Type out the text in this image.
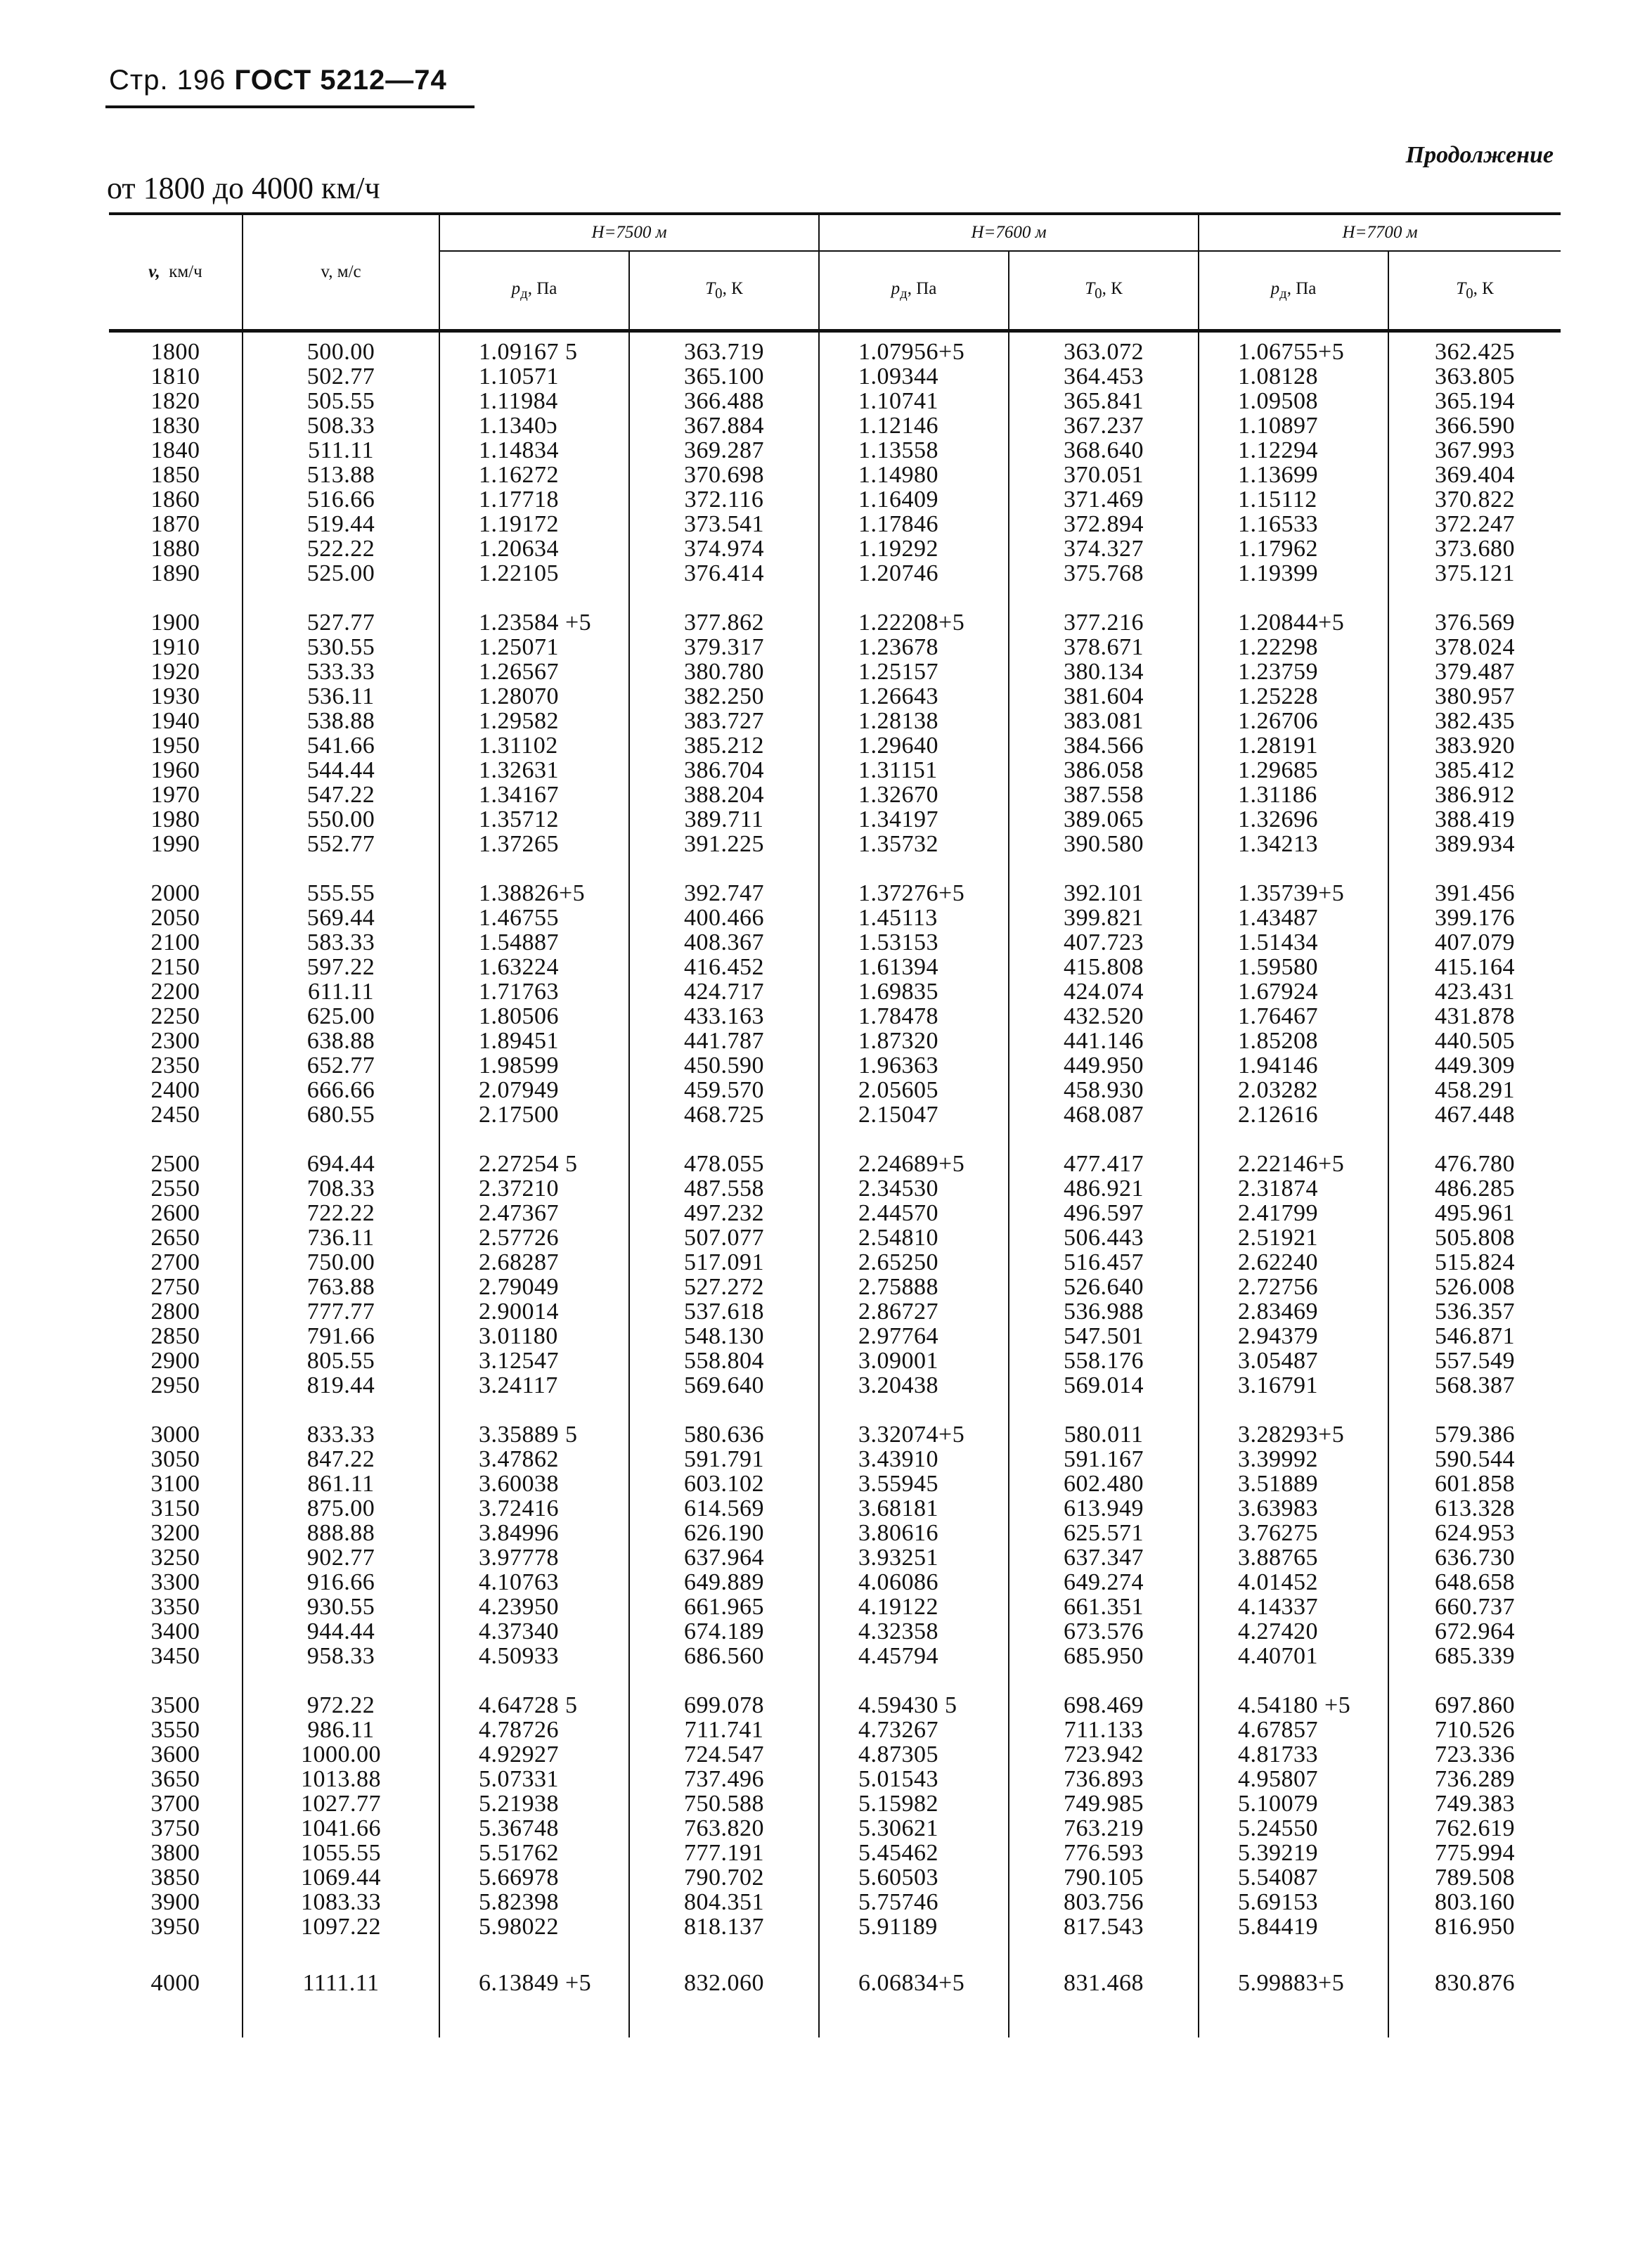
Стр. 196 ГОСТ 5212—74
Продолжение
от 1800 до 4000 км/ч
v, км/ч	v, м/с	H=7500 м		H=7600 м		H=7700 м	
		$p_д$, Па	$T_0$, К	$p_д$, Па	$T_0$, К	$p_д$, Па	$T_0$, К

1800	500.00	1.09167 5	363.719	1.07956+5	363.072	1.06755+5	362.425
1810	502.77	1.10571	365.100	1.09344	364.453	1.08128	363.805
1820	505.55	1.11984	366.488	1.10741	365.841	1.09508	365.194
1830	508.33	1.1340ɔ	367.884	1.12146	367.237	1.10897	366.590
1840	511.11	1.14834	369.287	1.13558	368.640	1.12294	367.993
1850	513.88	1.16272	370.698	1.14980	370.051	1.13699	369.404
1860	516.66	1.17718	372.116	1.16409	371.469	1.15112	370.822
1870	519.44	1.19172	373.541	1.17846	372.894	1.16533	372.247
1880	522.22	1.20634	374.974	1.19292	374.327	1.17962	373.680
1890	525.00	1.22105	376.414	1.20746	375.768	1.19399	375.121

1900	527.77	1.23584 +5	377.862	1.22208+5	377.216	1.20844+5	376.569
1910	530.55	1.25071	379.317	1.23678	378.671	1.22298	378.024
1920	533.33	1.26567	380.780	1.25157	380.134	1.23759	379.487
1930	536.11	1.28070	382.250	1.26643	381.604	1.25228	380.957
1940	538.88	1.29582	383.727	1.28138	383.081	1.26706	382.435
1950	541.66	1.31102	385.212	1.29640	384.566	1.28191	383.920
1960	544.44	1.32631	386.704	1.31151	386.058	1.29685	385.412
1970	547.22	1.34167	388.204	1.32670	387.558	1.31186	386.912
1980	550.00	1.35712	389.711	1.34197	389.065	1.32696	388.419
1990	552.77	1.37265	391.225	1.35732	390.580	1.34213	389.934

2000	555.55	1.38826+5	392.747	1.37276+5	392.101	1.35739+5	391.456
2050	569.44	1.46755	400.466	1.45113	399.821	1.43487	399.176
2100	583.33	1.54887	408.367	1.53153	407.723	1.51434	407.079
2150	597.22	1.63224	416.452	1.61394	415.808	1.59580	415.164
2200	611.11	1.71763	424.717	1.69835	424.074	1.67924	423.431
2250	625.00	1.80506	433.163	1.78478	432.520	1.76467	431.878
2300	638.88	1.89451	441.787	1.87320	441.146	1.85208	440.505
2350	652.77	1.98599	450.590	1.96363	449.950	1.94146	449.309
2400	666.66	2.07949	459.570	2.05605	458.930	2.03282	458.291
2450	680.55	2.17500	468.725	2.15047	468.087	2.12616	467.448

2500	694.44	2.27254 5	478.055	2.24689+5	477.417	2.22146+5	476.780
2550	708.33	2.37210	487.558	2.34530	486.921	2.31874	486.285
2600	722.22	2.47367	497.232	2.44570	496.597	2.41799	495.961
2650	736.11	2.57726	507.077	2.54810	506.443	2.51921	505.808
2700	750.00	2.68287	517.091	2.65250	516.457	2.62240	515.824
2750	763.88	2.79049	527.272	2.75888	526.640	2.72756	526.008
2800	777.77	2.90014	537.618	2.86727	536.988	2.83469	536.357
2850	791.66	3.01180	548.130	2.97764	547.501	2.94379	546.871
2900	805.55	3.12547	558.804	3.09001	558.176	3.05487	557.549
2950	819.44	3.24117	569.640	3.20438	569.014	3.16791	568.387

3000	833.33	3.35889 5	580.636	3.32074+5	580.011	3.28293+5	579.386
3050	847.22	3.47862	591.791	3.43910	591.167	3.39992	590.544
3100	861.11	3.60038	603.102	3.55945	602.480	3.51889	601.858
3150	875.00	3.72416	614.569	3.68181	613.949	3.63983	613.328
3200	888.88	3.84996	626.190	3.80616	625.571	3.76275	624.953
3250	902.77	3.97778	637.964	3.93251	637.347	3.88765	636.730
3300	916.66	4.10763	649.889	4.06086	649.274	4.01452	648.658
3350	930.55	4.23950	661.965	4.19122	661.351	4.14337	660.737
3400	944.44	4.37340	674.189	4.32358	673.576	4.27420	672.964
3450	958.33	4.50933	686.560	4.45794	685.950	4.40701	685.339

3500	972.22	4.64728 5	699.078	4.59430 5	698.469	4.54180 +5	697.860
3550	986.11	4.78726	711.741	4.73267	711.133	4.67857	710.526
3600	1000.00	4.92927	724.547	4.87305	723.942	4.81733	723.336
3650	1013.88	5.07331	737.496	5.01543	736.893	4.95807	736.289
3700	1027.77	5.21938	750.588	5.15982	749.985	5.10079	749.383
3750	1041.66	5.36748	763.820	5.30621	763.219	5.24550	762.619
3800	1055.55	5.51762	777.191	5.45462	776.593	5.39219	775.994
3850	1069.44	5.66978	790.702	5.60503	790.105	5.54087	789.508
3900	1083.33	5.82398	804.351	5.75746	803.756	5.69153	803.160
3950	1097.22	5.98022	818.137	5.91189	817.543	5.84419	816.950

4000	1111.11	6.13849 +5	832.060	6.06834+5	831.468	5.99883+5	830.876
